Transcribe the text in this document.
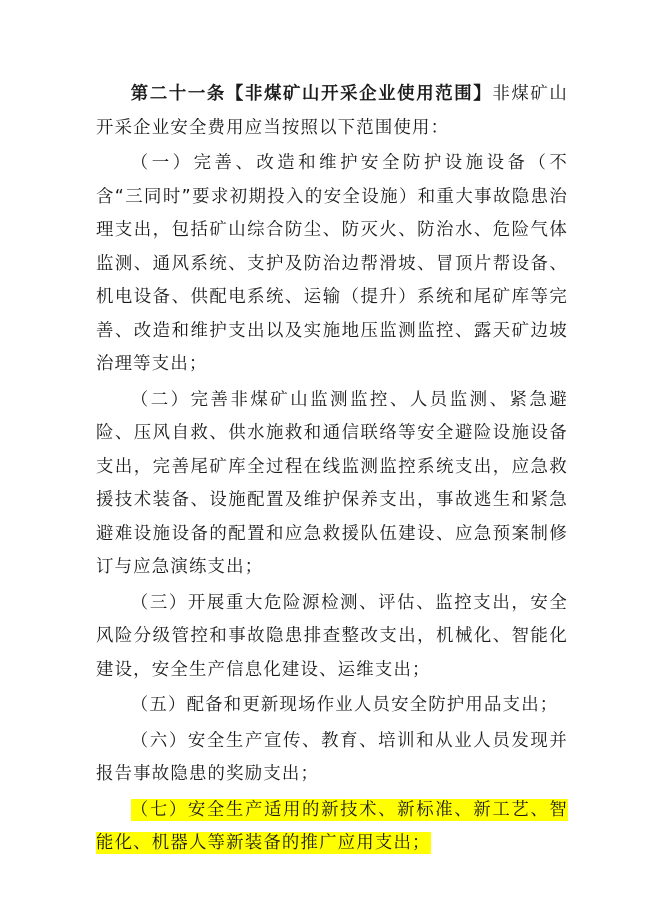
第二十一条【非煤矿山开采企业使用范围】非煤矿山开采企业安全费用应当按照以下范围使用：

（一）完善、改造和维护安全防护设施设备（不含“三同时”要求初期投入的安全设施）和重大事故隐患治理支出，包括矿山综合防尘、防灭火、防治水、危险气体监测、通风系统、支护及防治边帮滑坡、冒顶片帮设备、机电设备、供配电系统、运输（提升）系统和尾矿库等完善、改造和维护支出以及实施地压监测监控、露天矿边坡治理等支出；

（二）完善非煤矿山监测监控、人员监测、紧急避险、压风自救、供水施救和通信联络等安全避险设施设备支出，完善尾矿库全过程在线监测监控系统支出，应急救援技术装备、设施配置及维护保养支出，事故逃生和紧急避难设施设备的配置和应急救援队伍建设、应急预案制修订与应急演练支出；

（三）开展重大危险源检测、评估、监控支出，安全风险分级管控和事故隐患排查整改支出，机械化、智能化建设，安全生产信息化建设、运维支出；

（五）配备和更新现场作业人员安全防护用品支出；

（六）安全生产宣传、教育、培训和从业人员发现并报告事故隐患的奖励支出；

（七）安全生产适用的新技术、新标准、新工艺、智能化、机器人等新装备的推广应用支出；
